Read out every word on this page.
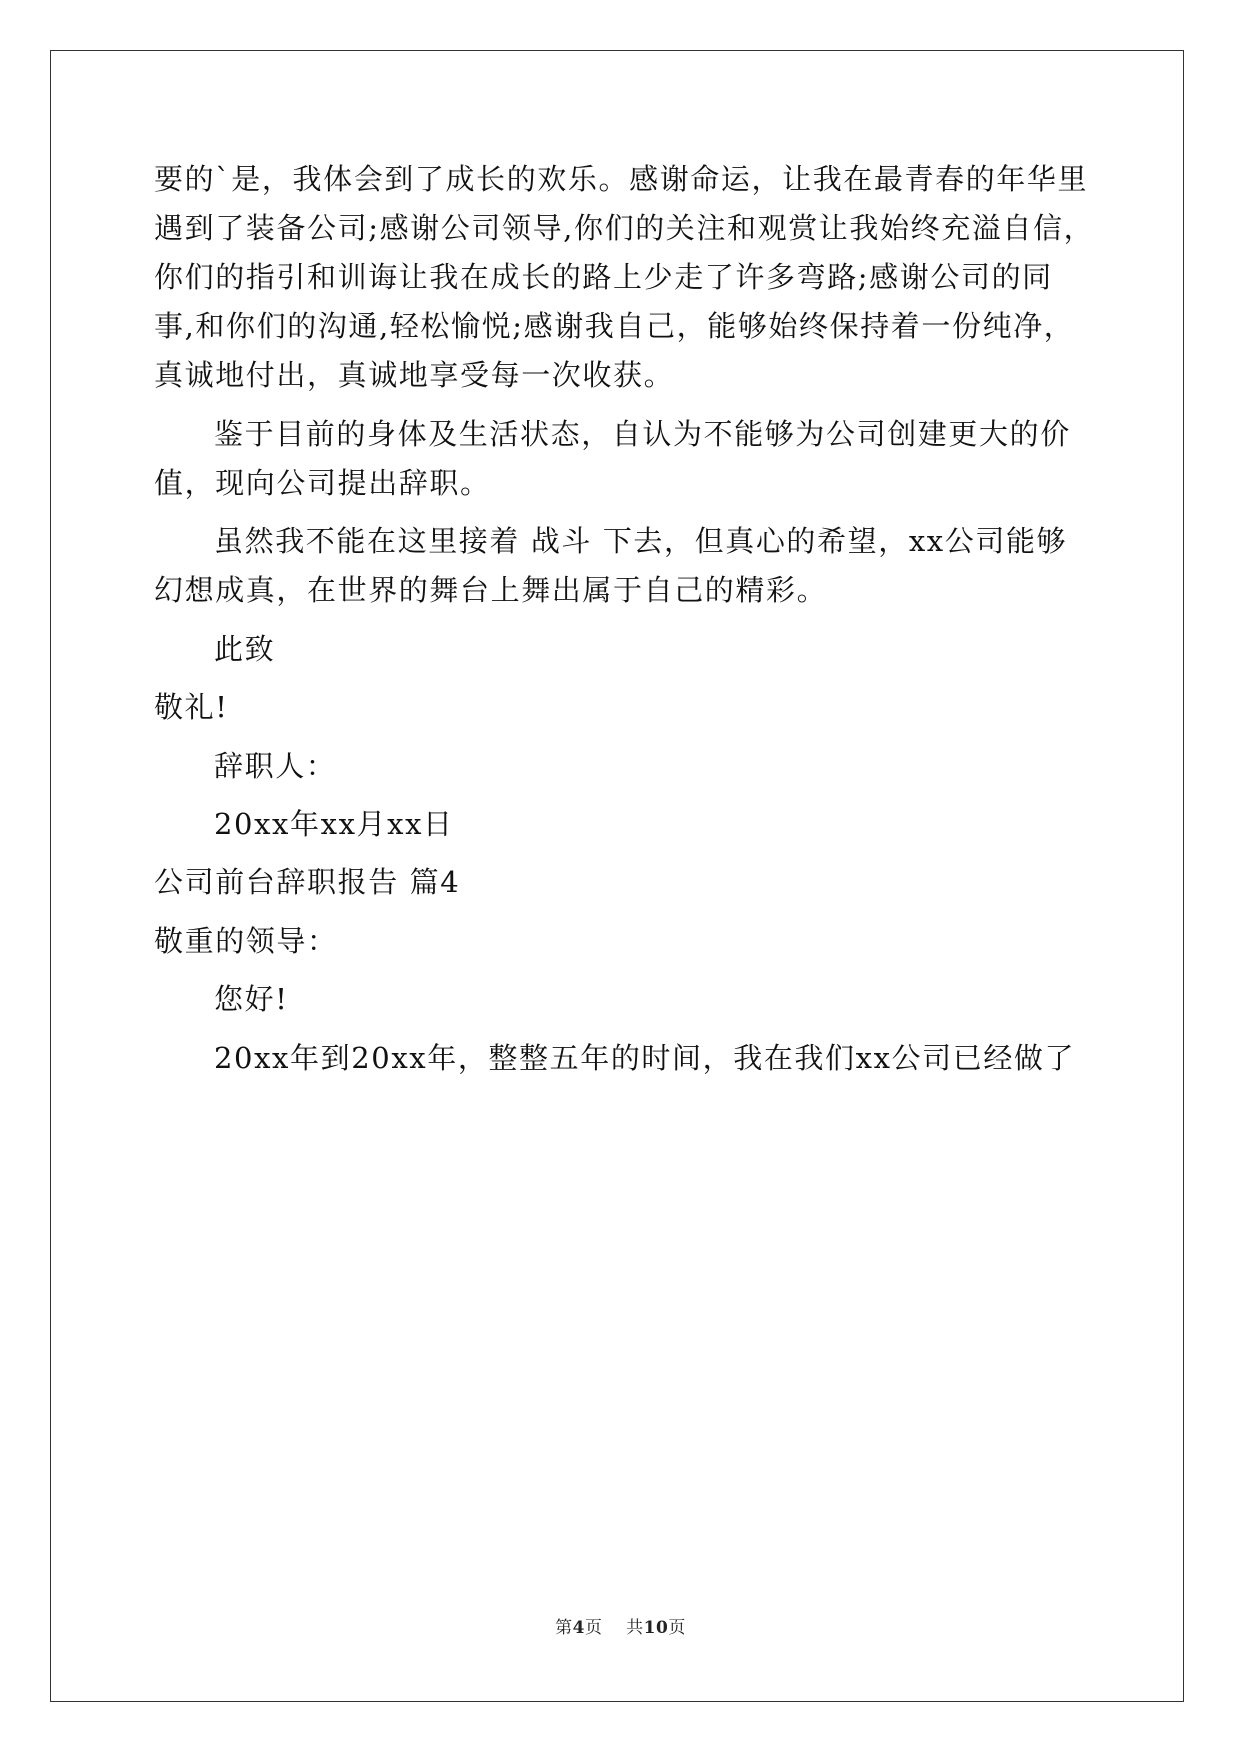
要的`是，我体会到了成长的欢乐。感谢命运，让我在最青春的年华里
遇到了装备公司;感谢公司领导,你们的关注和观赏让我始终充溢自信，
你们的指引和训诲让我在成长的路上少走了许多弯路;感谢公司的同
事,和你们的沟通,轻松愉悦;感谢我自己，能够始终保持着一份纯净，
真诚地付出，真诚地享受每一次收获。
鉴于目前的身体及生活状态，自认为不能够为公司创建更大的价
值，现向公司提出辞职。
虽然我不能在这里接着 战斗 下去，但真心的希望，xx公司能够
幻想成真，在世界的舞台上舞出属于自己的精彩。
此致
敬礼!
辞职人：
20xx年xx月xx日
公司前台辞职报告 篇4
敬重的领导：
您好!
20xx年到20xx年，整整五年的时间，我在我们xx公司已经做了
第4页 共10页
